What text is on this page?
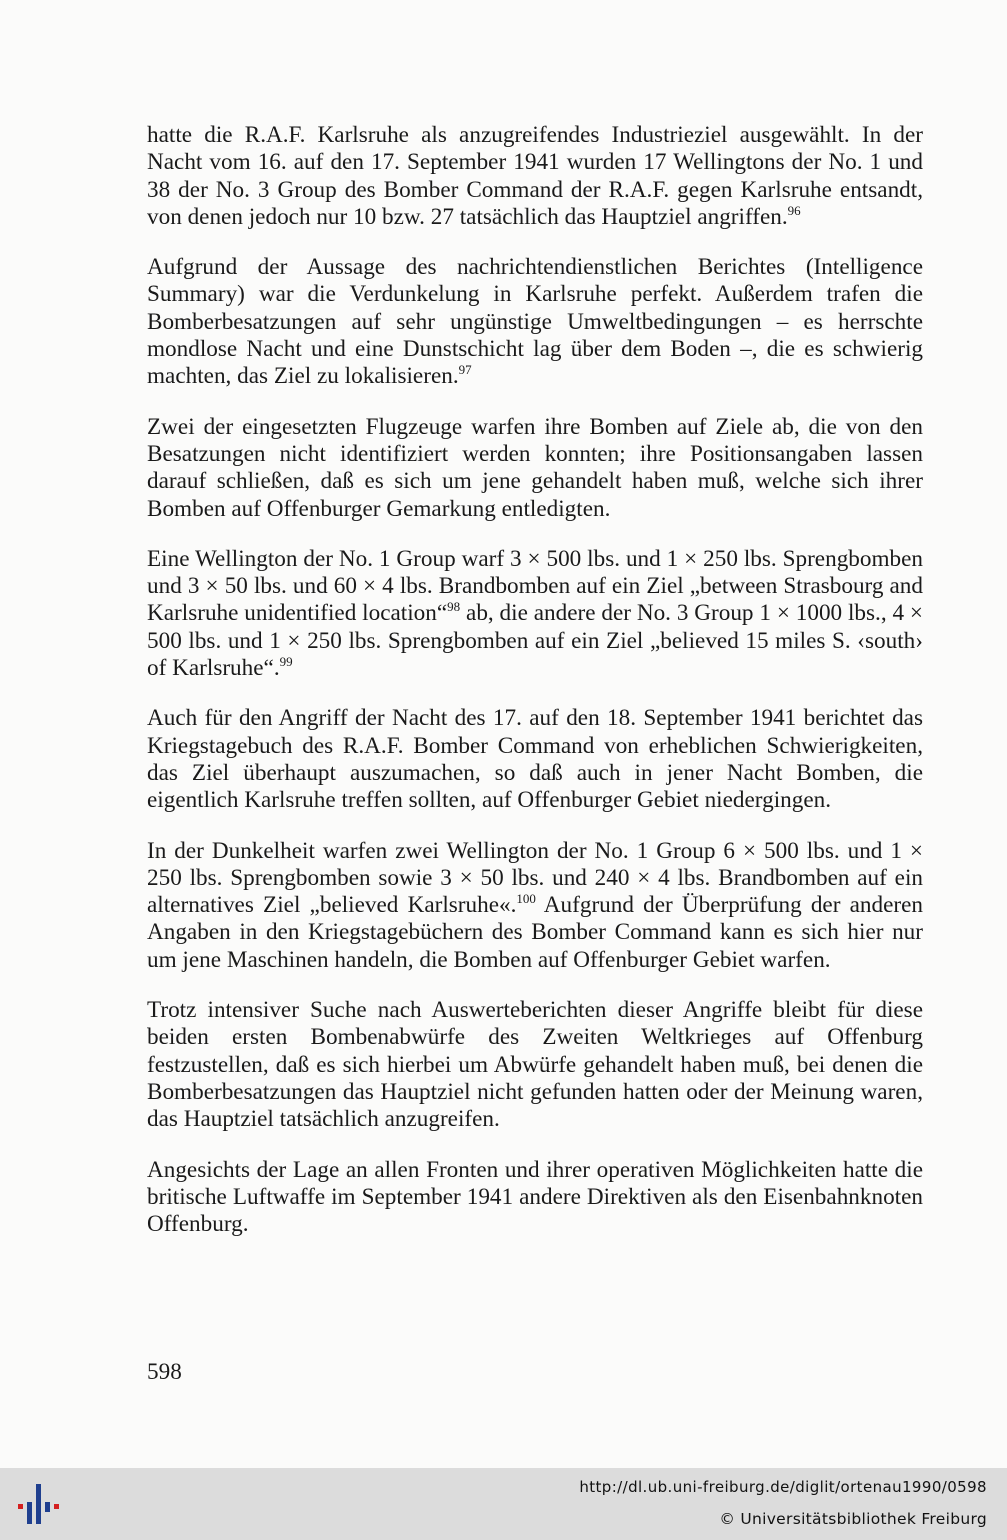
hatte die R.A.F. Karlsruhe als anzugreifendes Industrieziel ausgewählt. In der Nacht vom 16. auf den 17. September 1941 wurden 17 Wellingtons der No. 1 und 38 der No. 3 Group des Bomber Command der R.A.F. gegen Karlsruhe entsandt, von denen jedoch nur 10 bzw. 27 tatsächlich das Hauptziel angriffen.$^{96}$

Aufgrund der Aussage des nachrichtendienstlichen Berichtes (Intelligence Summary) war die Verdunkelung in Karlsruhe perfekt. Außerdem trafen die Bomberbesatzungen auf sehr ungünstige Umweltbedingungen – es herrschte mondlose Nacht und eine Dunstschicht lag über dem Boden –, die es schwierig machten, das Ziel zu lokalisieren.$^{97}$

Zwei der eingesetzten Flugzeuge warfen ihre Bomben auf Ziele ab, die von den Besatzungen nicht identifiziert werden konnten; ihre Positionsangaben lassen darauf schließen, daß es sich um jene gehandelt haben muß, welche sich ihrer Bomben auf Offenburger Gemarkung entledigten.

Eine Wellington der No. 1 Group warf 3 × 500 lbs. und 1 × 250 lbs. Sprengbomben und 3 × 50 lbs. und 60 × 4 lbs. Brandbomben auf ein Ziel „between Strasbourg and Karlsruhe unidentified location“$^{98}$ ab, die andere der No. 3 Group 1 × 1000 lbs., 4 × 500 lbs. und 1 × 250 lbs. Sprengbomben auf ein Ziel „believed 15 miles S. ‹south› of Karlsruhe“.$^{99}$

Auch für den Angriff der Nacht des 17. auf den 18. September 1941 berichtet das Kriegstagebuch des R.A.F. Bomber Command von erheblichen Schwierigkeiten, das Ziel überhaupt auszumachen, so daß auch in jener Nacht Bomben, die eigentlich Karlsruhe treffen sollten, auf Offenburger Gebiet niedergingen.

In der Dunkelheit warfen zwei Wellington der No. 1 Group 6 × 500 lbs. und 1 × 250 lbs. Sprengbomben sowie 3 × 50 lbs. und 240 × 4 lbs. Brandbomben auf ein alternatives Ziel „believed Karlsruhe«.$^{100}$ Aufgrund der Überprüfung der anderen Angaben in den Kriegstagebüchern des Bomber Command kann es sich hier nur um jene Maschinen handeln, die Bomben auf Offenburger Gebiet warfen.

Trotz intensiver Suche nach Auswerteberichten dieser Angriffe bleibt für diese beiden ersten Bombenabwürfe des Zweiten Weltkrieges auf Offenburg festzustellen, daß es sich hierbei um Abwürfe gehandelt haben muß, bei denen die Bomberbesatzungen das Hauptziel nicht gefunden hatten oder der Meinung waren, das Hauptziel tatsächlich anzugreifen.

Angesichts der Lage an allen Fronten und ihrer operativen Möglichkeiten hatte die britische Luftwaffe im September 1941 andere Direktiven als den Eisenbahnknoten Offenburg.

598
http://dl.ub.uni-freiburg.de/diglit/ortenau1990/0598
© Universitätsbibliothek Freiburg
